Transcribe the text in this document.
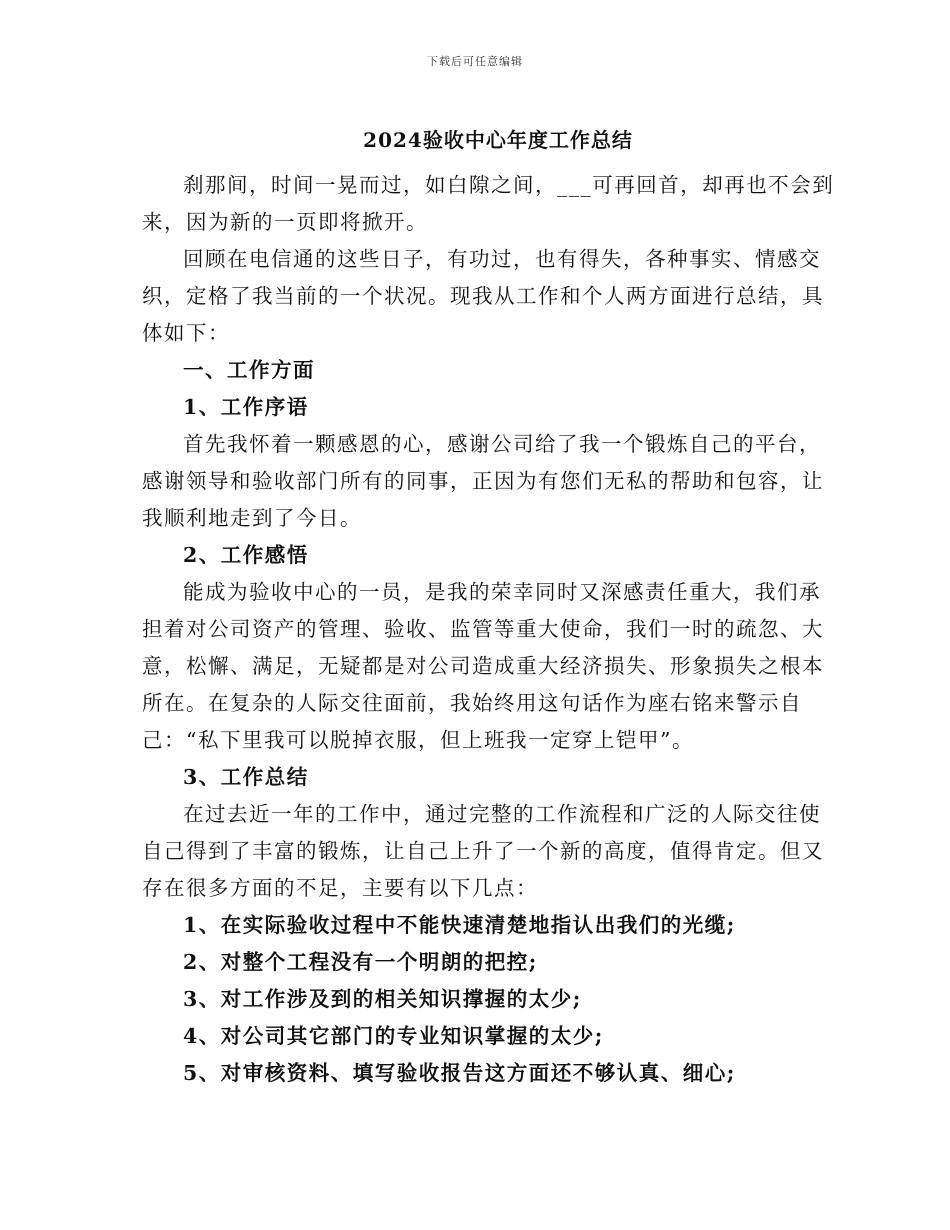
下载后可任意编辑
2024验收中心年度工作总结

刹那间，时间一晃而过，如白隙之间，___可再回首，却再也不会到来，因为新的一页即将掀开。

回顾在电信通的这些日子，有功过，也有得失，各种事实、情感交织，定格了我当前的一个状况。现我从工作和个人两方面进行总结，具体如下：

一、工作方面

1、工作序语

首先我怀着一颗感恩的心，感谢公司给了我一个锻炼自己的平台，感谢领导和验收部门所有的同事，正因为有您们无私的帮助和包容，让我顺利地走到了今日。

2、工作感悟

能成为验收中心的一员，是我的荣幸同时又深感责任重大，我们承担着对公司资产的管理、验收、监管等重大使命，我们一时的疏忽、大意，松懈、满足，无疑都是对公司造成重大经济损失、形象损失之根本所在。在复杂的人际交往面前，我始终用这句话作为座右铭来警示自己：“私下里我可以脱掉衣服，但上班我一定穿上铠甲”。

3、工作总结

在过去近一年的工作中，通过完整的工作流程和广泛的人际交往使自己得到了丰富的锻炼，让自己上升了一个新的高度，值得肯定。但又存在很多方面的不足，主要有以下几点：

1、在实际验收过程中不能快速清楚地指认出我们的光缆;

2、对整个工程没有一个明朗的把控;

3、对工作涉及到的相关知识撑握的太少;

4、对公司其它部门的专业知识掌握的太少;

5、对审核资料、填写验收报告这方面还不够认真、细心;
